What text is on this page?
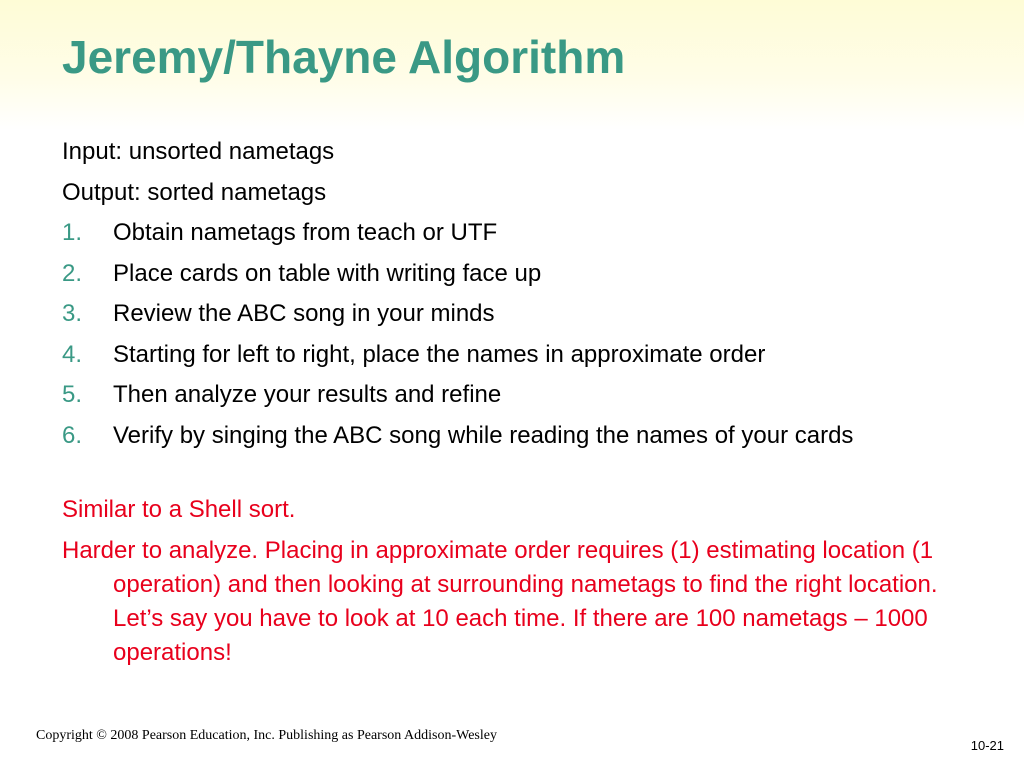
Jeremy/Thayne Algorithm
Input: unsorted nametags
Output: sorted nametags
1.	Obtain nametags from teach or UTF
2.	Place cards on table with writing face up
3.	Review the ABC song in your minds
4.	Starting for left to right, place the names in approximate order
5.	Then analyze your results and refine
6.	Verify by singing the ABC song while reading the names of your cards
Similar to a Shell sort.
Harder to analyze. Placing in approximate order requires (1) estimating location (1 operation) and then looking at surrounding nametags to find the right location. Let’s say you have to look at 10 each time. If there are 100 nametags – 1000 operations!
Copyright © 2008 Pearson Education, Inc. Publishing as Pearson Addison-Wesley
10-21
